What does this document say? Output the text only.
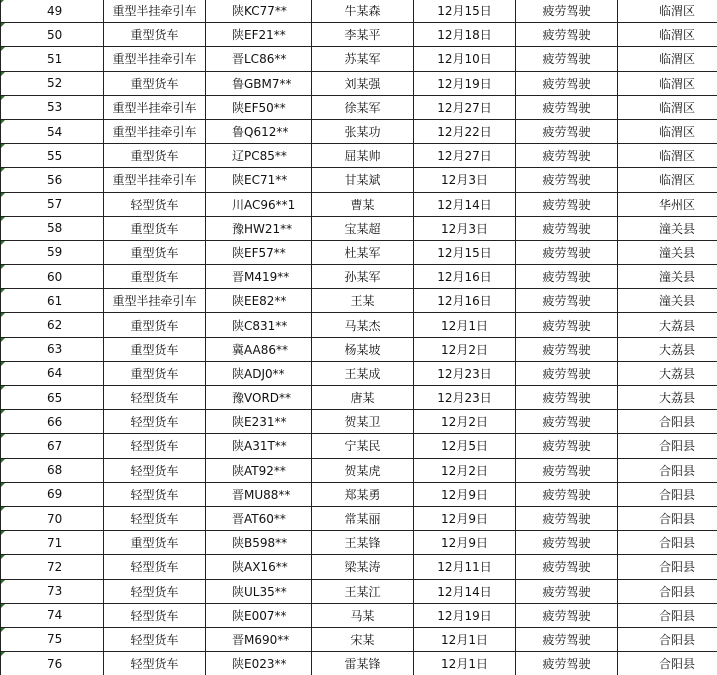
49	重型半挂牵引车	陕KC77**	牛某森	12月15日	疲劳驾驶	临渭区
50	重型货车	陕EF21**	李某平	12月18日	疲劳驾驶	临渭区
51	重型半挂牵引车	晋LC86**	苏某军	12月10日	疲劳驾驶	临渭区
52	重型货车	鲁GBM7**	刘某强	12月19日	疲劳驾驶	临渭区
53	重型半挂牵引车	陕EF50**	徐某军	12月27日	疲劳驾驶	临渭区
54	重型半挂牵引车	鲁Q612**	张某功	12月22日	疲劳驾驶	临渭区
55	重型货车	辽PC85**	屈某帅	12月27日	疲劳驾驶	临渭区
56	重型半挂牵引车	陕EC71**	甘某斌	12月3日	疲劳驾驶	临渭区
57	轻型货车	川AC96**1	曹某	12月14日	疲劳驾驶	华州区
58	重型货车	豫HW21**	宝某超	12月3日	疲劳驾驶	潼关县
59	重型货车	陕EF57**	杜某军	12月15日	疲劳驾驶	潼关县
60	重型货车	晋M419**	孙某军	12月16日	疲劳驾驶	潼关县
61	重型半挂牵引车	陕EE82**	王某	12月16日	疲劳驾驶	潼关县
62	重型货车	陕C831**	马某杰	12月1日	疲劳驾驶	大荔县
63	重型货车	冀AA86**	杨某坡	12月2日	疲劳驾驶	大荔县
64	重型货车	陕ADJ0**	王某成	12月23日	疲劳驾驶	大荔县
65	轻型货车	豫VORD**	唐某	12月23日	疲劳驾驶	大荔县
66	轻型货车	陕E231**	贺某卫	12月2日	疲劳驾驶	合阳县
67	轻型货车	陕A31T**	宁某民	12月5日	疲劳驾驶	合阳县
68	轻型货车	陕AT92**	贺某虎	12月2日	疲劳驾驶	合阳县
69	轻型货车	晋MU88**	郑某勇	12月9日	疲劳驾驶	合阳县
70	轻型货车	晋AT60**	常某丽	12月9日	疲劳驾驶	合阳县
71	重型货车	陕B598**	王某锋	12月9日	疲劳驾驶	合阳县
72	轻型货车	陕AX16**	梁某涛	12月11日	疲劳驾驶	合阳县
73	轻型货车	陕UL35**	王某江	12月14日	疲劳驾驶	合阳县
74	轻型货车	陕E007**	马某	12月19日	疲劳驾驶	合阳县
75	轻型货车	晋M690**	宋某	12月1日	疲劳驾驶	合阳县
76	轻型货车	陕E023**	雷某锋	12月1日	疲劳驾驶	合阳县
